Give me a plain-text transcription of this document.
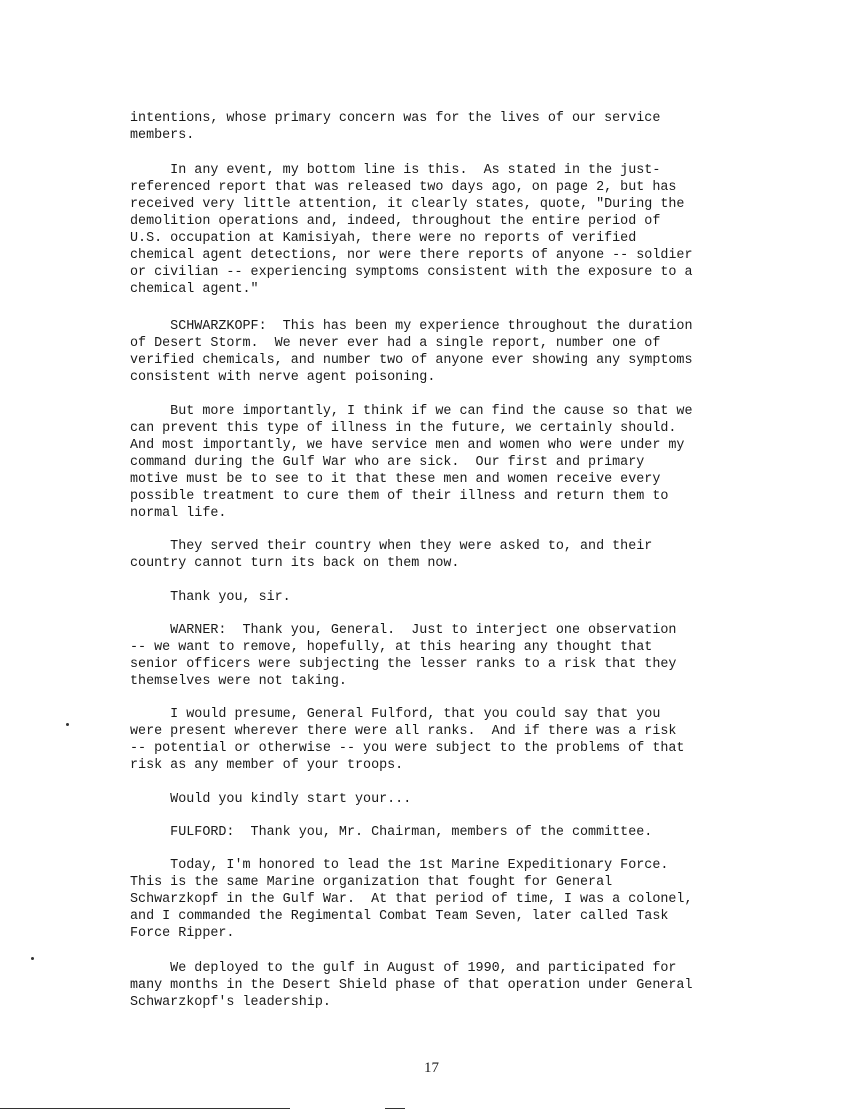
intentions, whose primary concern was for the lives of our service
members.
In any event, my bottom line is this.  As stated in the just-
referenced report that was released two days ago, on page 2, but has
received very little attention, it clearly states, quote, "During the
demolition operations and, indeed, throughout the entire period of
U.S. occupation at Kamisiyah, there were no reports of verified
chemical agent detections, nor were there reports of anyone -- soldier
or civilian -- experiencing symptoms consistent with the exposure to a
chemical agent."
SCHWARZKOPF:  This has been my experience throughout the duration
of Desert Storm.  We never ever had a single report, number one of
verified chemicals, and number two of anyone ever showing any symptoms
consistent with nerve agent poisoning.
But more importantly, I think if we can find the cause so that we
can prevent this type of illness in the future, we certainly should.
And most importantly, we have service men and women who were under my
command during the Gulf War who are sick.  Our first and primary
motive must be to see to it that these men and women receive every
possible treatment to cure them of their illness and return them to
normal life.
They served their country when they were asked to, and their
country cannot turn its back on them now.
Thank you, sir.
WARNER:  Thank you, General.  Just to interject one observation
-- we want to remove, hopefully, at this hearing any thought that
senior officers were subjecting the lesser ranks to a risk that they
themselves were not taking.
I would presume, General Fulford, that you could say that you
were present wherever there were all ranks.  And if there was a risk
-- potential or otherwise -- you were subject to the problems of that
risk as any member of your troops.
Would you kindly start your...
FULFORD:  Thank you, Mr. Chairman, members of the committee.
Today, I'm honored to lead the 1st Marine Expeditionary Force.
This is the same Marine organization that fought for General
Schwarzkopf in the Gulf War.  At that period of time, I was a colonel,
and I commanded the Regimental Combat Team Seven, later called Task
Force Ripper.
We deployed to the gulf in August of 1990, and participated for
many months in the Desert Shield phase of that operation under General
Schwarzkopf's leadership.
17
